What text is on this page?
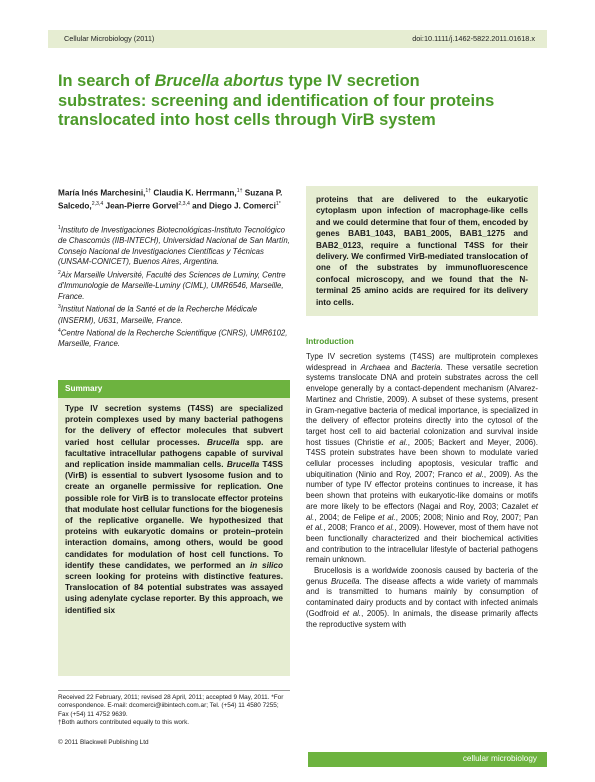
Cellular Microbiology (2011)	doi:10.1111/j.1462-5822.2011.01618.x
In search of Brucella abortus type IV secretion substrates: screening and identification of four proteins translocated into host cells through VirB system
María Inés Marchesini,$^{1\dagger}$ Claudia K. Herrmann,$^{1\dagger}$ Suzana P. Salcedo,$^{2,3,4}$ Jean-Pierre Gorvel$^{2,3,4}$ and Diego J. Comerci$^{1*}$

$^1$Instituto de Investigaciones Biotecnológicas-Instituto Tecnológico de Chascomús (IIB-INTECH), Universidad Nacional de San Martín, Consejo Nacional de Investigaciones Científicas y Técnicas (UNSAM-CONICET), Buenos Aires, Argentina.

$^2$Aix Marseille Université, Faculté des Sciences de Luminy, Centre d'Immunologie de Marseille-Luminy (CIML), UMR6546, Marseille, France.

$^3$Institut National de la Santé et de la Recherche Médicale (INSERM), U631, Marseille, France.

$^4$Centre National de la Recherche Scientifique (CNRS), UMR6102, Marseille, France.

Summary

Type IV secretion systems (T4SS) are specialized protein complexes used by many bacterial pathogens for the delivery of effector molecules that subvert varied host cellular processes. Brucella spp. are facultative intracellular pathogens capable of survival and replication inside mammalian cells. Brucella T4SS (VirB) is essential to subvert lysosome fusion and to create an organelle permissive for replication. One possible role for VirB is to translocate effector proteins that modulate host cellular functions for the biogenesis of the replicative organelle. We hypothesized that proteins with eukaryotic domains or protein–protein interaction domains, among others, would be good candidates for modulation of host cell functions. To identify these candidates, we performed an in silico screen looking for proteins with distinctive features. Translocation of 84 potential substrates was assayed using adenylate cyclase reporter. By this approach, we identified six

proteins that are delivered to the eukaryotic cytoplasm upon infection of macrophage-like cells and we could determine that four of them, encoded by genes BAB1_1043, BAB1_2005, BAB1_1275 and BAB2_0123, require a functional T4SS for their delivery. We confirmed VirB-mediated translocation of one of the substrates by immunofluorescence confocal microscopy, and we found that the N-terminal 25 amino acids are required for its delivery into cells.

Introduction

Type IV secretion systems (T4SS) are multiprotein complexes widespread in Archaea and Bacteria. These versatile secretion systems translocate DNA and protein substrates across the cell envelope generally by a contact-dependent mechanism (Alvarez-Martinez and Christie, 2009). A subset of these systems, present in Gram-negative bacteria of medical importance, is specialized in the delivery of effector proteins directly into the cytosol of the target host cell to aid bacterial colonization and survival inside host tissues (Christie et al., 2005; Backert and Meyer, 2006). T4SS protein substrates have been shown to modulate varied cellular processes including apoptosis, vesicular traffic and ubiquitination (Ninio and Roy, 2007; Franco et al., 2009). As the number of type IV effector proteins continues to increase, it has been shown that proteins with eukaryotic-like domains or motifs are more likely to be effectors (Nagai and Roy, 2003; Cazalet et al., 2004; de Felipe et al., 2005; 2008; Ninio and Roy, 2007; Pan et al., 2008; Franco et al., 2009). However, most of them have not been functionally characterized and their biochemical activities and contribution to the intracellular lifestyle of bacterial pathogens remain unknown.

Brucellosis is a worldwide zoonosis caused by bacteria of the genus Brucella. The disease affects a wide variety of mammals and is transmitted to humans mainly by consumption of contaminated dairy products and by contact with infected animals (Godfroid et al., 2005). In animals, the disease primarily affects the reproductive system with

Received 22 February, 2011; revised 28 April, 2011; accepted 9 May, 2011. *For correspondence. E-mail: dcomerci@iibintech.com.ar; Tel. (+54) 11 4580 7255; Fax (+54) 11 4752 9639.

†Both authors contributed equally to this work.

© 2011 Blackwell Publishing Ltd
cellular microbiology
